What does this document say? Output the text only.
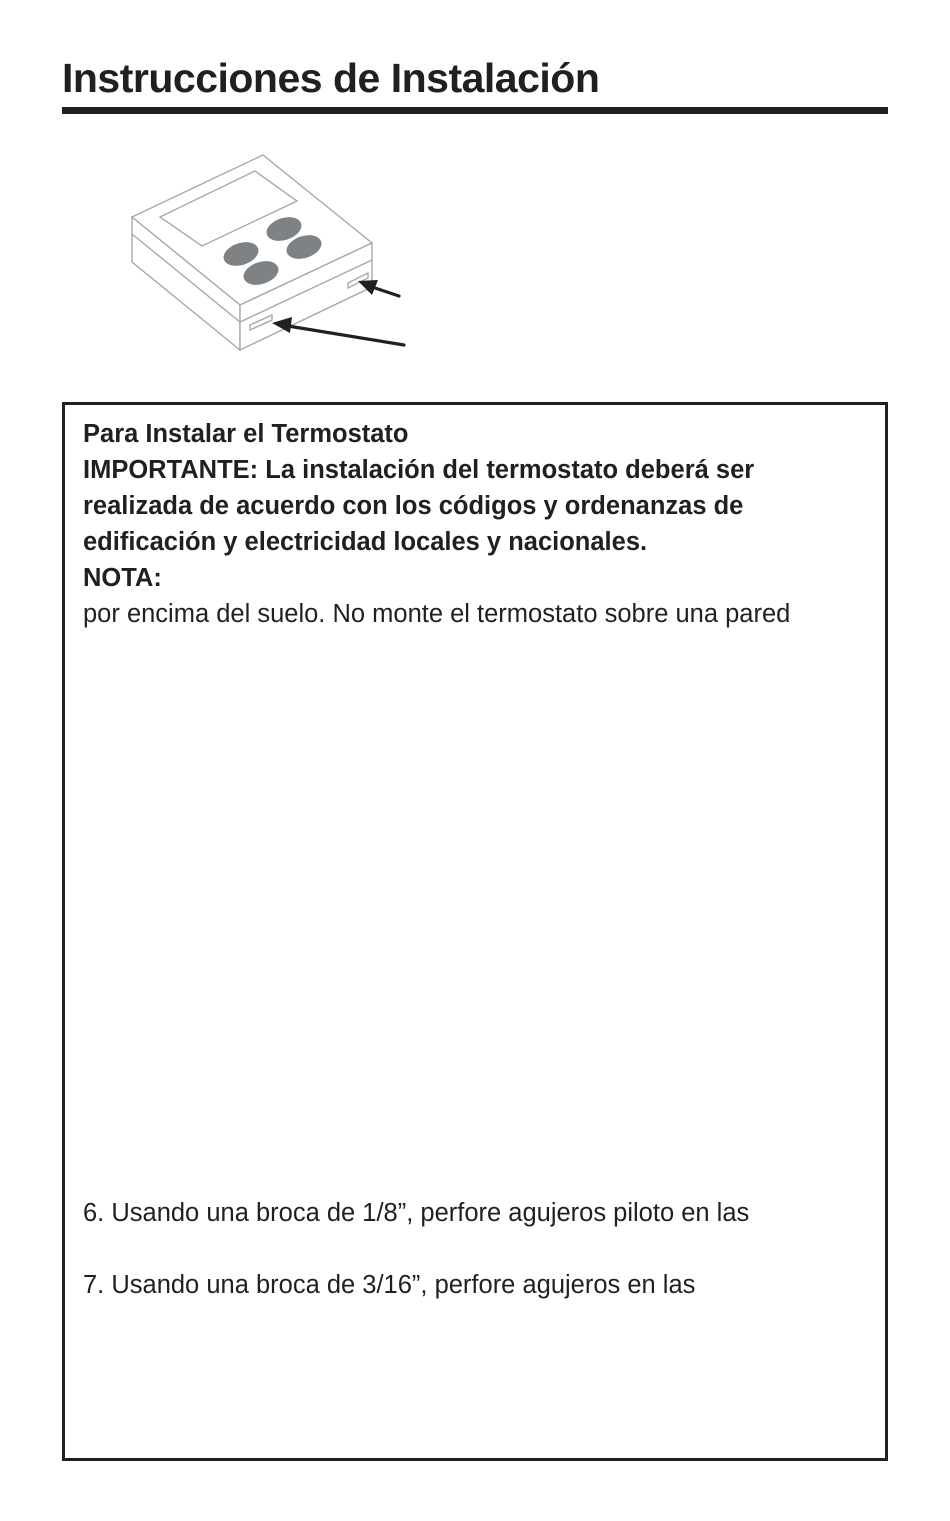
Instrucciones de Instalación
Para Instalar el Termostato
IMPORTANTE: La instalación del termostato deberá ser
realizada de acuerdo con los códigos y ordenanzas de
edificación y electricidad locales y nacionales.
NOTA:
por encima del suelo. No monte el termostato sobre una pared
6. Usando una broca de 1/8”, perfore agujeros piloto en las
7. Usando una broca de 3/16”, perfore agujeros en las
